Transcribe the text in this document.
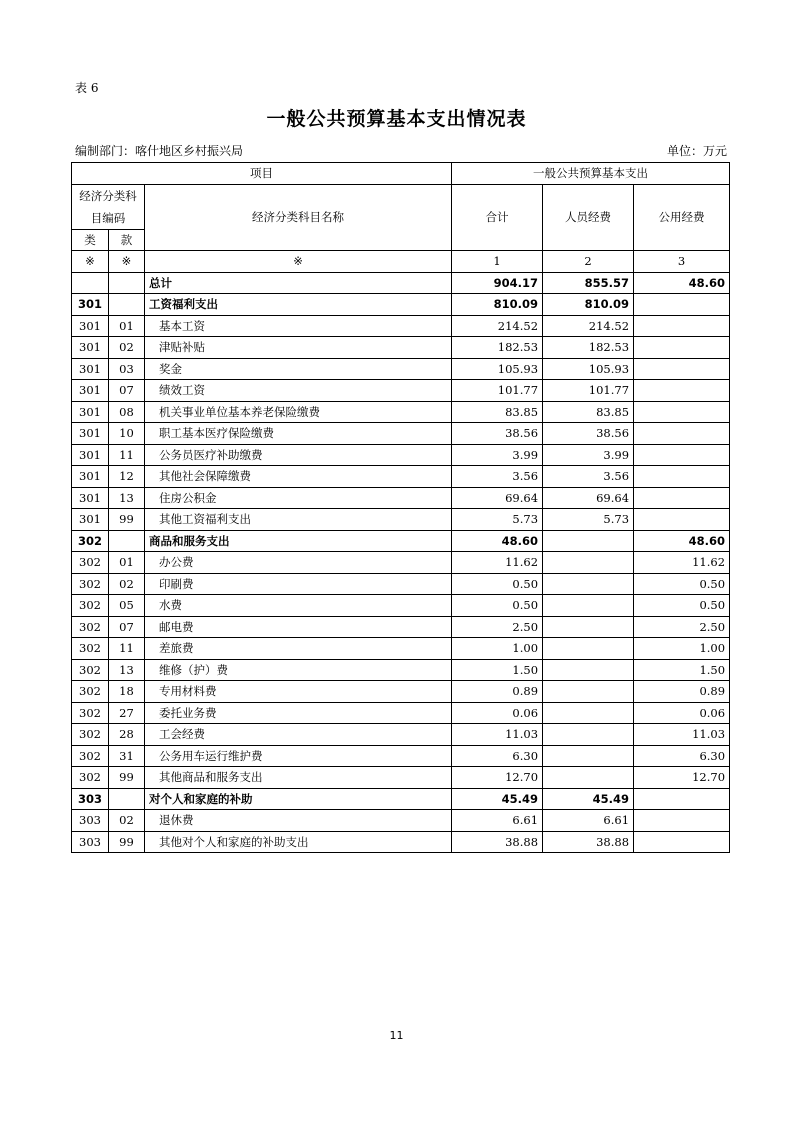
表 6
一般公共预算基本支出情况表
编制部门：喀什地区乡村振兴局	单位：万元
项目			一般公共预算基本支出		
经济分类科目编码		经济分类科目名称	合计	人员经费	公用经费
类	款				
※	※	※	1	2	3
		总计	904.17	855.57	48.60
301		工资福利支出	810.09	810.09	
301	01	基本工资	214.52	214.52	
301	02	津贴补贴	182.53	182.53	
301	03	奖金	105.93	105.93	
301	07	绩效工资	101.77	101.77	
301	08	机关事业单位基本养老保险缴费	83.85	83.85	
301	10	职工基本医疗保险缴费	38.56	38.56	
301	11	公务员医疗补助缴费	3.99	3.99	
301	12	其他社会保障缴费	3.56	3.56	
301	13	住房公积金	69.64	69.64	
301	99	其他工资福利支出	5.73	5.73	
302		商品和服务支出	48.60		48.60
302	01	办公费	11.62		11.62
302	02	印刷费	0.50		0.50
302	05	水费	0.50		0.50
302	07	邮电费	2.50		2.50
302	11	差旅费	1.00		1.00
302	13	维修（护）费	1.50		1.50
302	18	专用材料费	0.89		0.89
302	27	委托业务费	0.06		0.06
302	28	工会经费	11.03		11.03
302	31	公务用车运行维护费	6.30		6.30
302	99	其他商品和服务支出	12.70		12.70
303		对个人和家庭的补助	45.49	45.49	
303	02	退休费	6.61	6.61	
303	99	其他对个人和家庭的补助支出	38.88	38.88	
11
